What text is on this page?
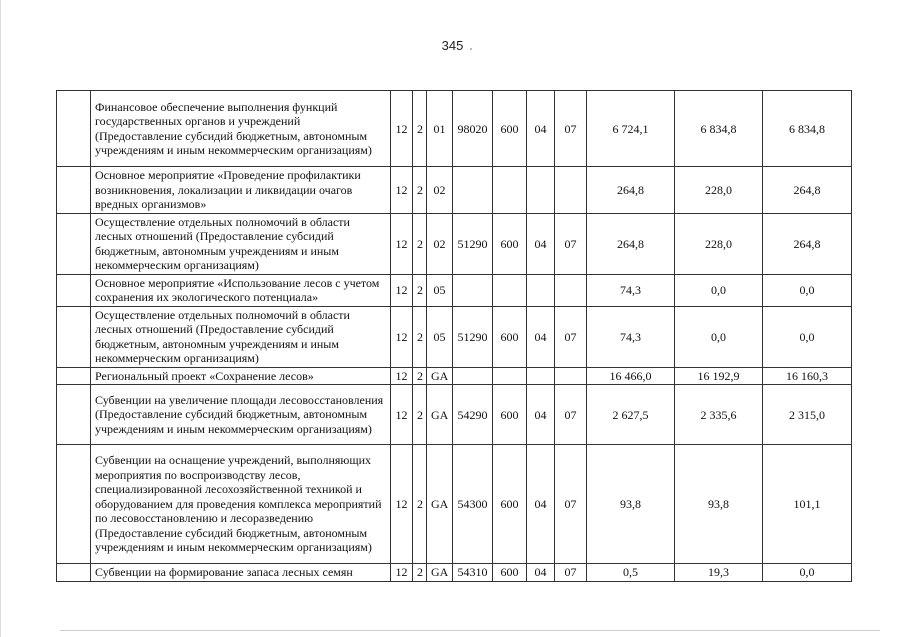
345
	Финансовое обеспечение выполнения функций государственных органов и учреждений (Предоставление субсидий бюджетным, автономным учреждениям и иным некоммерческим организациям)	12	2	01	98020	600	04	07	6 724,1	6 834,8	6 834,8
	Основное мероприятие «Проведение профилактики возникновения, локализации и ликвидации очагов вредных организмов»	12	2	02					264,8	228,0	264,8
	Осуществление отдельных полномочий в области лесных отношений (Предоставление субсидий бюджетным, автономным учреждениям и иным некоммерческим организациям)	12	2	02	51290	600	04	07	264,8	228,0	264,8
	Основное мероприятие «Использование лесов с учетом сохранения их экологического потенциала»	12	2	05					74,3	0,0	0,0
	Осуществление отдельных полномочий в области лесных отношений (Предоставление субсидий бюджетным, автономным учреждениям и иным некоммерческим организациям)	12	2	05	51290	600	04	07	74,3	0,0	0,0
	Региональный проект «Сохранение лесов»	12	2	GA					16 466,0	16 192,9	16 160,3
	Субвенции на увеличение площади лесовосстановления (Предоставление субсидий бюджетным, автономным учреждениям и иным некоммерческим организациям)	12	2	GA	54290	600	04	07	2 627,5	2 335,6	2 315,0
	Субвенции на оснащение учреждений, выполняющих мероприятия по воспроизводству лесов, специализированной лесохозяйственной техникой и оборудованием для проведения комплекса мероприятий по лесовосстановлению и лесоразведению (Предоставление субсидий бюджетным, автономным учреждениям и иным некоммерческим организациям)	12	2	GA	54300	600	04	07	93,8	93,8	101,1
	Субвенции на формирование запаса лесных семян	12	2	GA	54310	600	04	07	0,5	19,3	0,0
